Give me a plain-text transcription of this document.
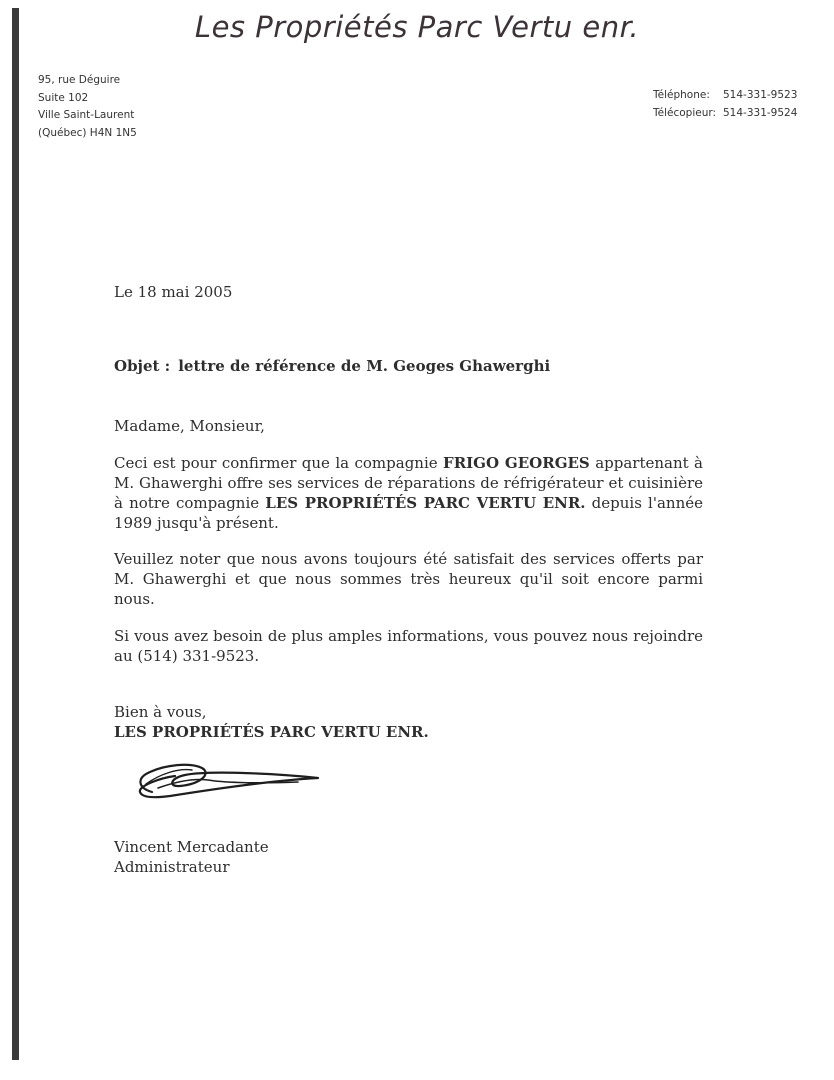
Les Propriétés Parc Vertu enr.
95, rue Déguire
Suite 102
Ville Saint-Laurent
(Québec) H4N 1N5
Téléphone:	514-331-9523
Télécopieur: 514-331-9524
Le 18 mai 2005
Objet : lettre de référence de M. Geoges Ghawerghi
Madame, Monsieur,
Ceci est pour confirmer que la compagnie FRIGO GEORGES appartenant à M. Ghawerghi offre ses services de réparations de réfrigérateur et cuisinière à notre compagnie LES PROPRIÉTÉS PARC VERTU ENR. depuis l'année 1989 jusqu'à présent.
Veuillez noter que nous avons toujours été satisfait des services offerts par M. Ghawerghi et que nous sommes très heureux qu'il soit encore parmi nous.
Si vous avez besoin de plus amples informations, vous pouvez nous rejoindre au (514) 331-9523.
Bien à vous,
LES PROPRIÉTÉS PARC VERTU ENR.
Vincent Mercadante
Administrateur
